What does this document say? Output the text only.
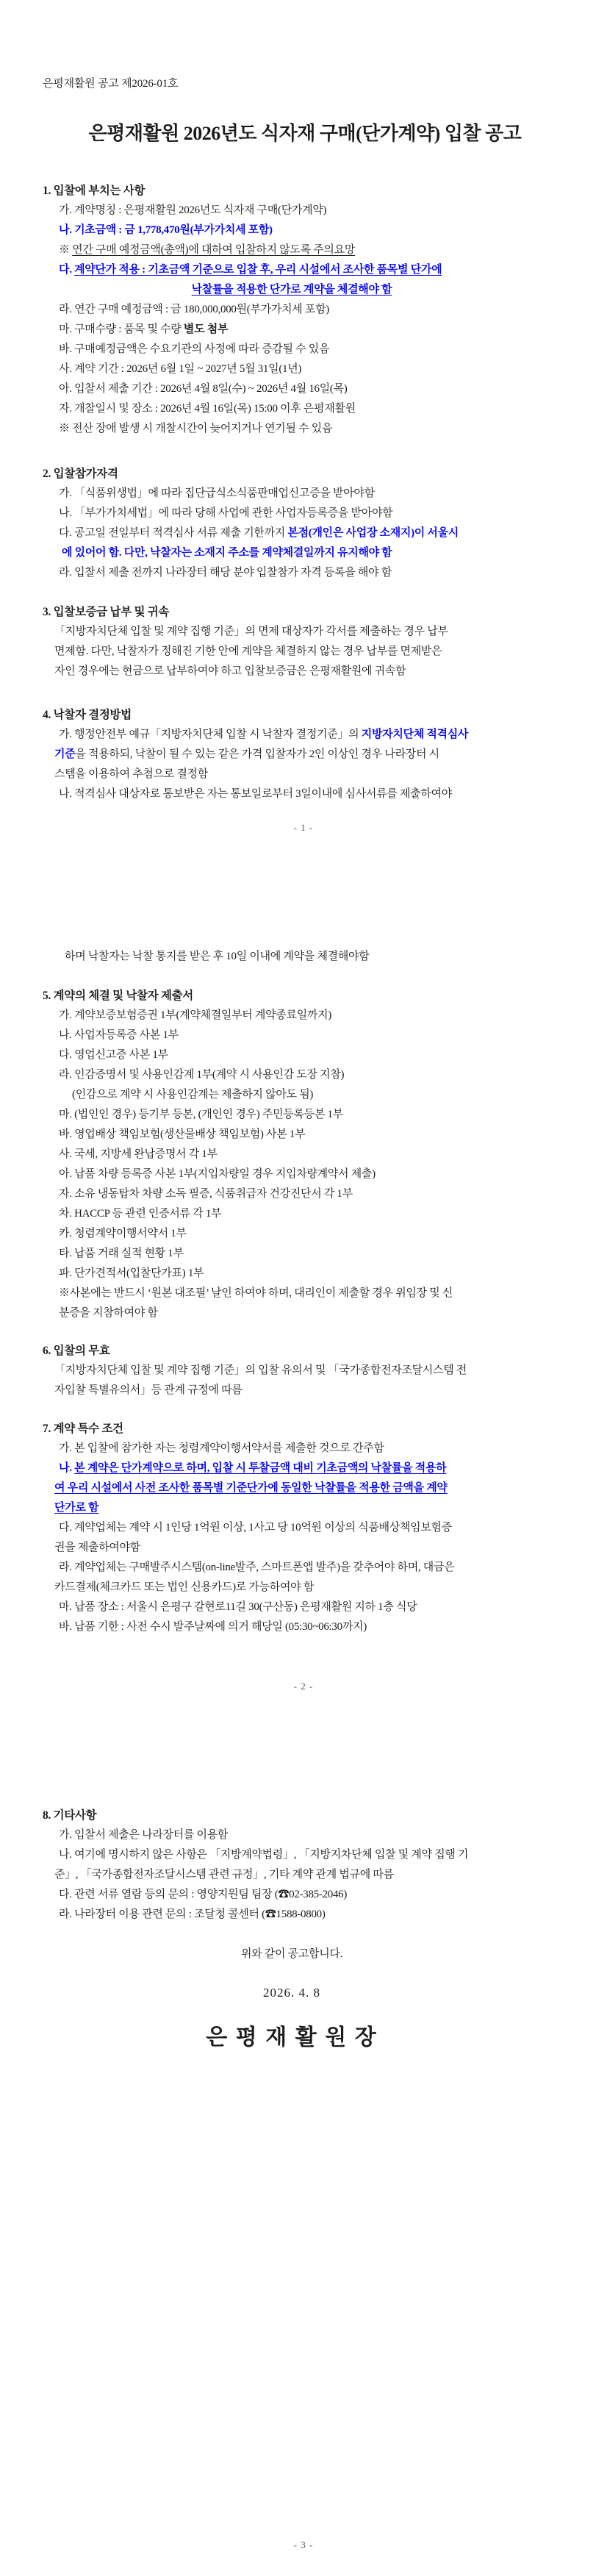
은평재활원 공고 제2026-01호
은평재활원 2026년도 식자재 구매(단가계약) 입찰 공고
1. 입찰에 부치는 사항
가. 계약명칭 : 은평재활원 2026년도 식자재 구매(단가계약)
나. 기초금액 : 금 1,778,470원(부가가치세 포함)
※ 연간 구매 예정금액(총액)에 대하여 입찰하지 않도록 주의요망
다. 계약단가 적용 : 기초금액 기준으로 입찰 후, 우리 시설에서 조사한 품목별 단가에
낙찰률을 적용한 단가로 계약을 체결해야 함
라. 연간 구매 예정금액 : 금 180,000,000원(부가가치세 포함)
마. 구매수량 : 품목 및 수량 별도 첨부
바. 구매예정금액은 수요기관의 사정에 따라 증감될 수 있음
사. 계약 기간 : 2026년 6월 1일 ~ 2027년 5월 31일(1년)
아. 입찰서 제출 기간 : 2026년 4월 8일(수) ~ 2026년 4월 16일(목)
자. 개찰일시 및 장소 : 2026년 4월 16일(목) 15:00 이후 은평재활원
※ 전산 장애 발생 시 개찰시간이 늦어지거나 연기될 수 있음
2. 입찰참가자격
가. 「식품위생법」에 따라 집단급식소식품판매업신고증을 받아야함
나. 「부가가치세법」에 따라 당해 사업에 관한 사업자등록증을 받아야함
다. 공고일 전일부터 적격심사 서류 제출 기한까지 본점(개인은 사업장 소재지)이 서울시
에 있어어 함. 다만, 낙찰자는 소재지 주소를 계약체결일까지 유지해야 함
라. 입찰서 제출 전까지 나라장터 해당 분야 입찰참가 자격 등록을 해야 함
3. 입찰보증금 납부 및 귀속
「지방자치단체 입찰 및 계약 집행 기준」의 면제 대상자가 각서를 제출하는 경우 납부
면제함. 다만, 낙찰자가 정해진 기한 안에 계약을 체결하지 않는 경우 납부를 면제받은
자인 경우에는 현금으로 납부하여야 하고 입찰보증금은 은평재활원에 귀속함
4. 낙찰자 결정방법
가. 행정안전부 예규「지방자치단체 입찰 시 낙찰자 결정기준」의 지방자치단체 적격심사
기준을 적용하되, 낙찰이 될 수 있는 같은 가격 입찰자가 2인 이상인 경우 나라장터 시
스템을 이용하여 추첨으로 결정함
나. 적격심사 대상자로 통보받은 자는 통보일로부터 3일이내에 심사서류를 제출하여야
- 1 -
하며 낙찰자는 낙찰 통지를 받은 후 10일 이내에 계약을 체결해야함
5. 계약의 체결 및 낙찰자 제출서
가. 계약보증보험증권 1부(계약체결일부터 계약종료일까지)
나. 사업자등록증 사본 1부
다. 영업신고증 사본 1부
라. 인감증명서 및 사용인감계 1부(계약 시 사용인감 도장 지참)
(인감으로 계약 시 사용인감계는 제출하지 않아도 됨)
마. (법인인 경우) 등기부 등본, (개인인 경우) 주민등록등본 1부
바. 영업배상 책임보험(생산물배상 책임보험) 사본 1부
사. 국세, 지방세 완납증명서 각 1부
아. 납품 차량 등록증 사본 1부(지입차량일 경우 지입차량계약서 제출)
자. 소유 냉동탑차 차량 소독 필증, 식품취급자 건강진단서 각 1부
차. HACCP 등 관련 인증서류 각 1부
카. 청렴계약이행서약서 1부
타. 납품 거래 실적 현황 1부
파. 단가견적서(입찰단가표) 1부
※사본에는 반드시 ‘원본 대조필’ 날인 하여야 하며, 대리인이 제출할 경우 위임장 및 신
분증을 지참하여야 함
6. 입찰의 무효
「지방자치단체 입찰 및 계약 집행 기준」의 입찰 유의서 및 「국가종합전자조달시스템 전
자입찰 특별유의서」등 관계 규정에 따름
7. 계약 특수 조건
가. 본 입찰에 참가한 자는 청렴계약이행서약서를 제출한 것으로 간주함
나. 본 계약은 단가계약으로 하며, 입찰 시 투찰금액 대비 기초금액의 낙찰률을 적용하
여 우리 시설에서 사전 조사한 품목별 기준단가에 동일한 낙찰률을 적용한 금액을 계약
단가로 함
다. 계약업체는 계약 시 1인당 1억원 이상, 1사고 당 10억원 이상의 식품배상책임보험증
권을 제출하여야함
라. 계약업체는 구매발주시스템(on-line발주, 스마트폰앱 발주)을 갖추어야 하며, 대금은
카드결제(체크카드 또는 법인 신용카드)로 가능하여야 함
마. 납품 장소 : 서울시 은평구 갈현로11길 30(구산동) 은평재활원 지하 1층 식당
바. 납품 기한 : 사전 수시 발주날짜에 의거 해당일 (05:30~06:30까지)
- 2 -
8. 기타사항
가. 입찰서 제출은 나라장터를 이용함
나. 여기에 명시하지 않은 사항은 「지방계약법령」, 「지방지차단체 입찰 및 계약 집행 기
준」, 「국가종합전자조달시스템 관련 규정」, 기타 계약 관계 법규에 따름
다. 관련 서류 열람 등의 문의 : 영양지원팀 팀장 (☎02-385-2046)
라. 나라장터 이용 관련 문의 : 조달청 콜센터 (☎1588-0800)
위와 같이 공고합니다.
2026. 4. 8
은 평 재 활 원 장
- 3 -
